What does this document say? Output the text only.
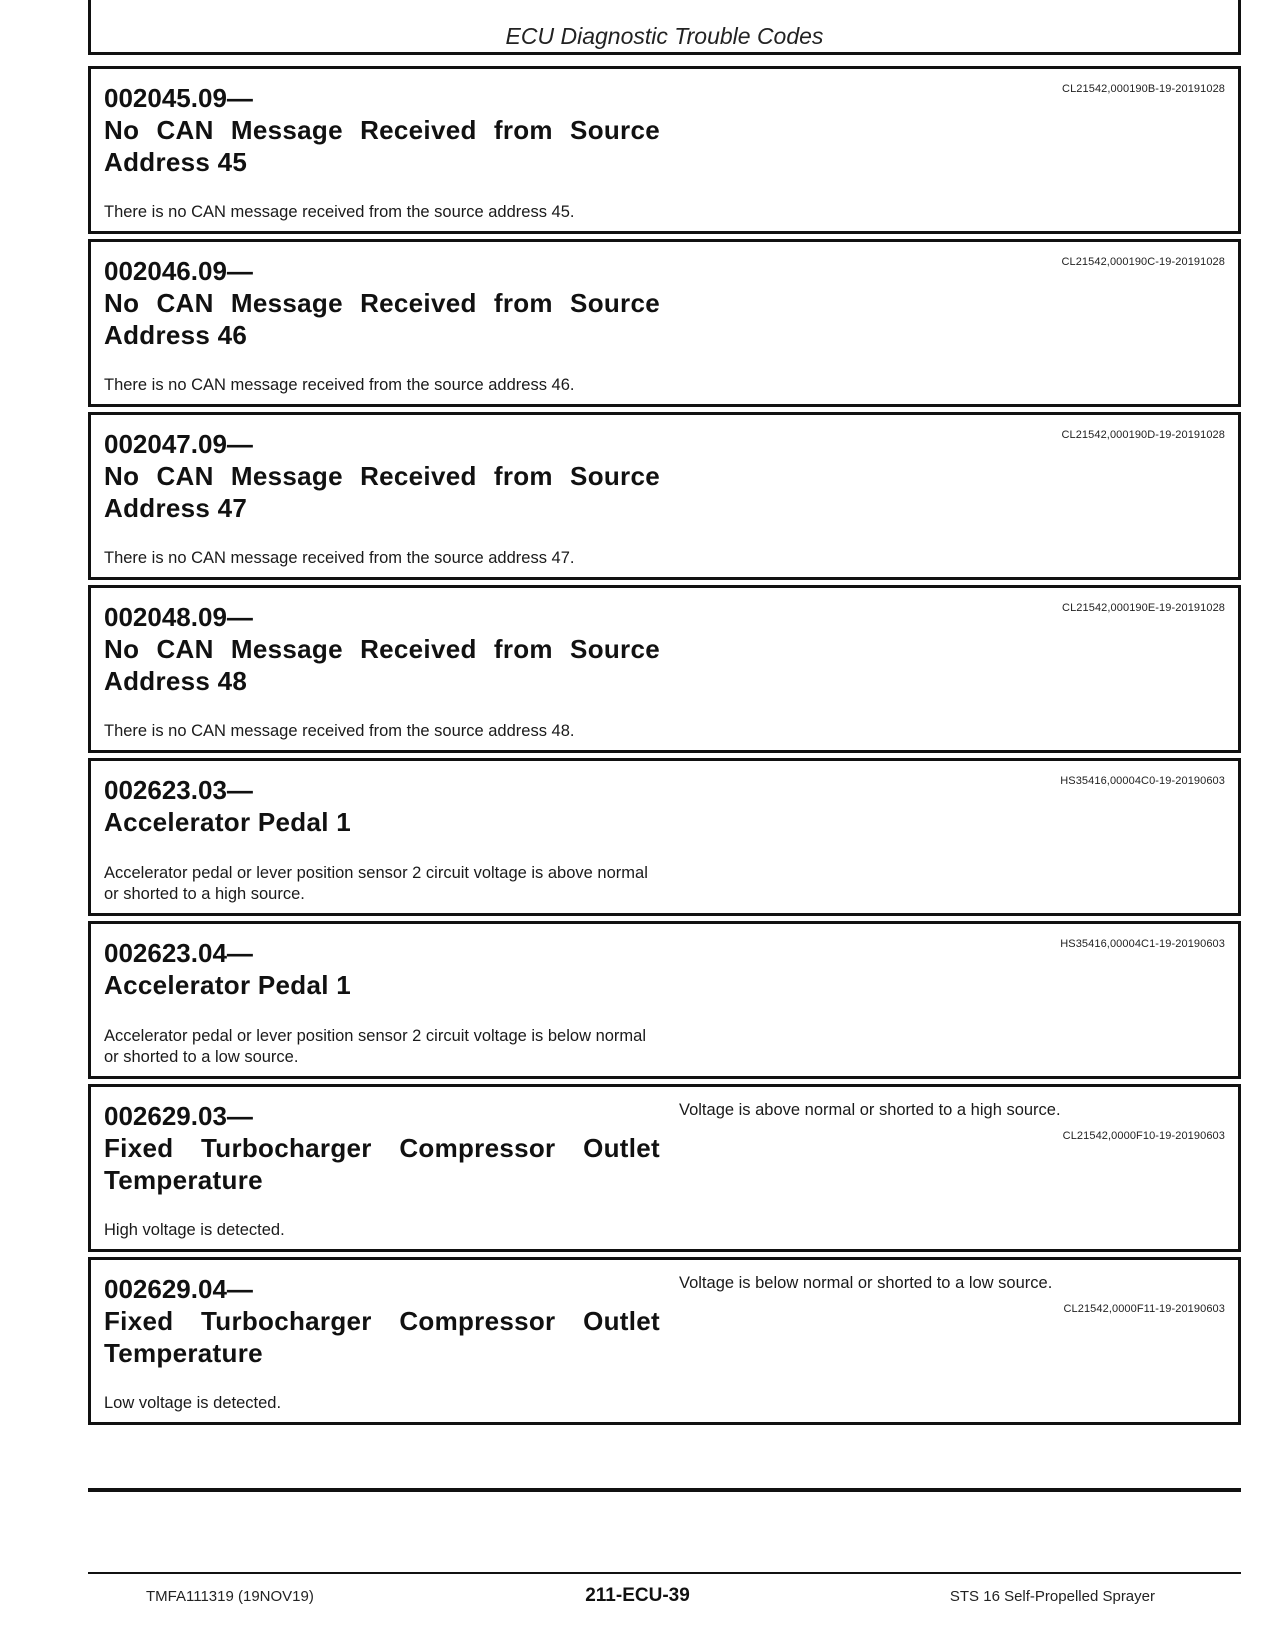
ECU Diagnostic Trouble Codes
002045.09—
No CAN Message Received from Source Address 45
CL21542,000190B-19-20191028
There is no CAN message received from the source address 45.
002046.09—
No CAN Message Received from Source Address 46
CL21542,000190C-19-20191028
There is no CAN message received from the source address 46.
002047.09—
No CAN Message Received from Source Address 47
CL21542,000190D-19-20191028
There is no CAN message received from the source address 47.
002048.09—
No CAN Message Received from Source Address 48
CL21542,000190E-19-20191028
There is no CAN message received from the source address 48.
002623.03—
Accelerator Pedal 1
HS35416,00004C0-19-20190603
Accelerator pedal or lever position sensor 2 circuit voltage is above normal or shorted to a high source.
002623.04—
Accelerator Pedal 1
HS35416,00004C1-19-20190603
Accelerator pedal or lever position sensor 2 circuit voltage is below normal or shorted to a low source.
002629.03—
Fixed Turbocharger Compressor Outlet Temperature
Voltage is above normal or shorted to a high source.
CL21542,0000F10-19-20190603
High voltage is detected.
002629.04—
Fixed Turbocharger Compressor Outlet Temperature
Voltage is below normal or shorted to a low source.
CL21542,0000F11-19-20190603
Low voltage is detected.
TMFA111319 (19NOV19)	211-ECU-39	STS 16 Self-Propelled Sprayer
